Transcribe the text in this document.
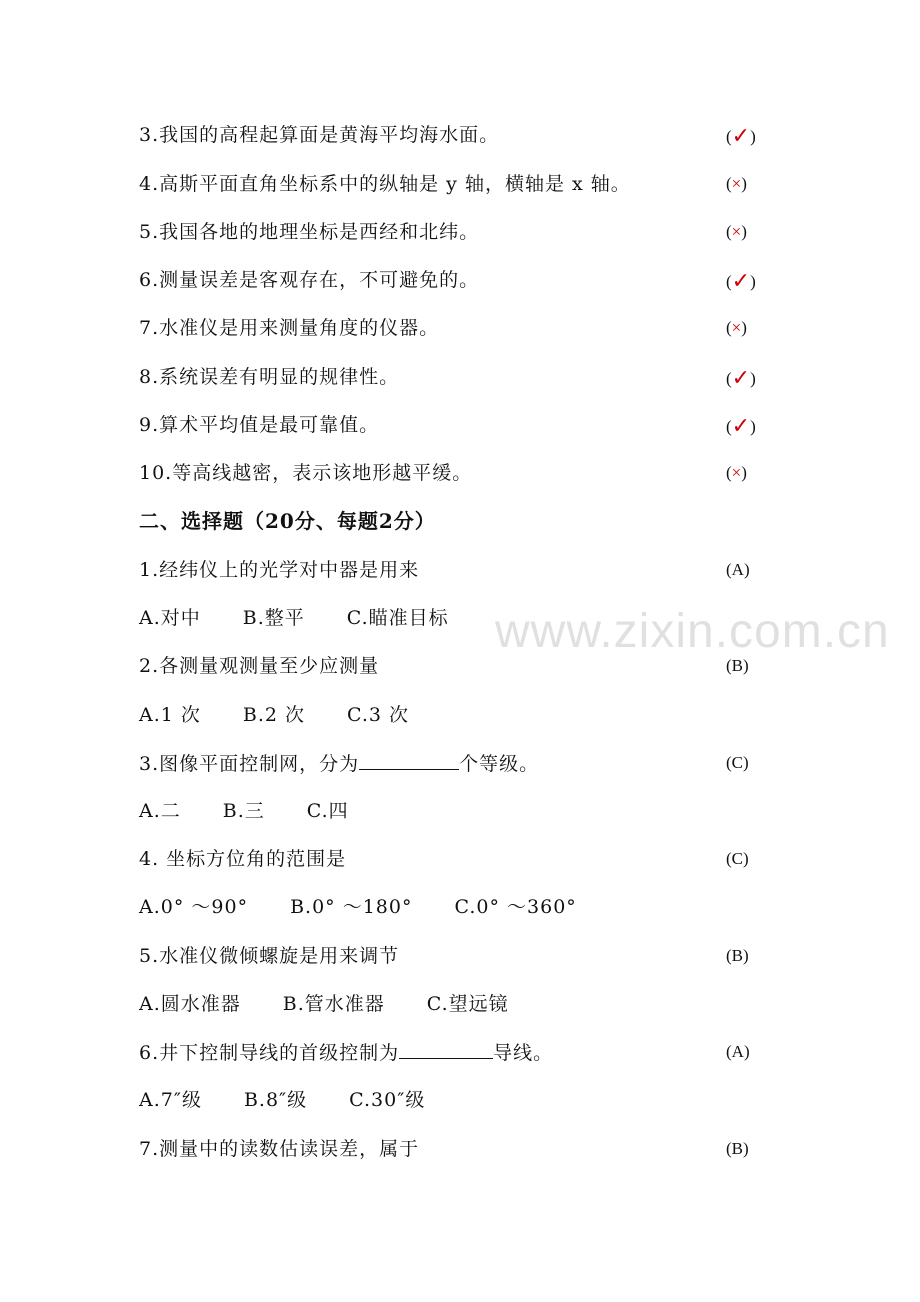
3.我国的高程起算面是黄海平均海水面。	(✓)
4.高斯平面直角坐标系中的纵轴是 y 轴，横轴是 x 轴。	(×)
5.我国各地的地理坐标是西经和北纬。	(×)
6.测量误差是客观存在，不可避免的。	(✓)
7.水准仪是用来测量角度的仪器。	(×)
8.系统误差有明显的规律性。	(✓)
9.算术平均值是最可靠值。	(✓)
10.等高线越密，表示该地形越平缓。	(×)
二、选择题（20分、每题2分）
1.经纬仪上的光学对中器是用来	(A)
A.对中 B.整平 C.瞄准目标
2.各测量观测量至少应测量	(B)
A.1 次 B.2 次 C.3 次
3.图像平面控制网，分为	个等级。	(C)
A.二 B.三 C.四
4. 坐标方位角的范围是	(C)
A.0° ～90° B.0° ～180° C.0° ～360°
5.水准仪微倾螺旋是用来调节	(B)
A.圆水准器 B.管水准器 C.望远镜
6.井下控制导线的首级控制为	导线。	(A)
A.7″级 B.8″级 C.30″级
7.测量中的读数估读误差，属于	(B)
www.zixin.com.cn
